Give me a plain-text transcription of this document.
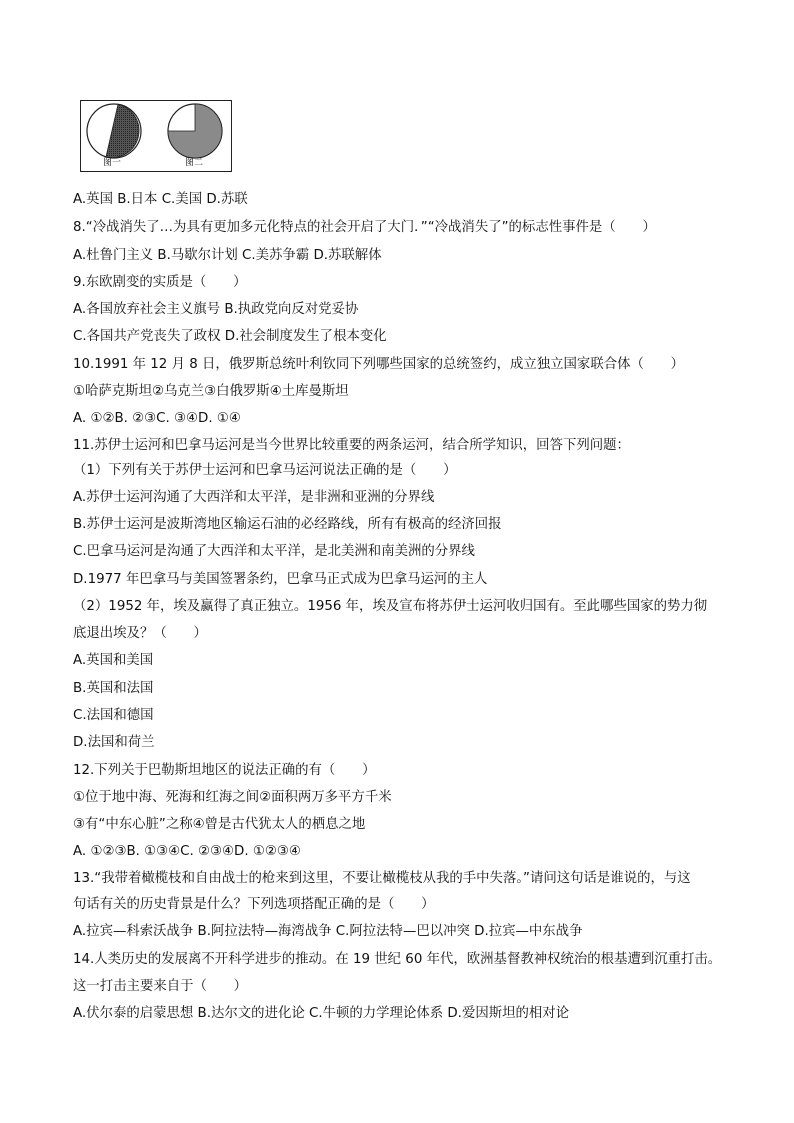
图一	图二
A.英国 B.日本 C.美国 D.苏联
8.“冷战消失了…为具有更加多元化特点的社会开启了大门．”“冷战消失了”的标志性事件是（　　）
A.杜鲁门主义 B.马歇尔计划 C.美苏争霸 D.苏联解体
9.东欧剧变的实质是（　　）
A.各国放弃社会主义旗号 B.执政党向反对党妥协
C.各国共产党丧失了政权 D.社会制度发生了根本变化
10.1991 年 12 月 8 日，俄罗斯总统叶利钦同下列哪些国家的总统签约，成立独立国家联合体（　　）
①哈萨克斯坦②乌克兰③白俄罗斯④土库曼斯坦
A. ①②B. ②③C. ③④D. ①④
11.苏伊士运河和巴拿马运河是当今世界比较重要的两条运河，结合所学知识，回答下列问题：
（1）下列有关于苏伊士运河和巴拿马运河说法正确的是（　　）
A.苏伊士运河沟通了大西洋和太平洋，是非洲和亚洲的分界线
B.苏伊士运河是波斯湾地区输运石油的必经路线，所有有极高的经济回报
C.巴拿马运河是沟通了大西洋和太平洋，是北美洲和南美洲的分界线
D.1977 年巴拿马与美国签署条约，巴拿马正式成为巴拿马运河的主人
（2）1952 年，埃及赢得了真正独立。1956 年，埃及宣布将苏伊士运河收归国有。至此哪些国家的势力彻
底退出埃及？（　　）
A.英国和美国
B.英国和法国
C.法国和德国
D.法国和荷兰
12.下列关于巴勒斯坦地区的说法正确的有（　　）
①位于地中海、死海和红海之间②面积两万多平方千米
③有“中东心脏”之称④曾是古代犹太人的栖息之地
A. ①②③B. ①③④C. ②③④D. ①②③④
13.“我带着橄榄枝和自由战士的枪来到这里，不要让橄榄枝从我的手中失落。”请问这句话是谁说的，与这
句话有关的历史背景是什么？下列选项搭配正确的是（　　）
A.拉宾—科索沃战争 B.阿拉法特—海湾战争 C.阿拉法特—巴以冲突 D.拉宾—中东战争
14.人类历史的发展离不开科学进步的推动。在 19 世纪 60 年代，欧洲基督教神权统治的根基遭到沉重打击。
这一打击主要来自于（　　）
A.伏尔泰的启蒙思想 B.达尔文的进化论 C.牛顿的力学理论体系 D.爱因斯坦的相对论
